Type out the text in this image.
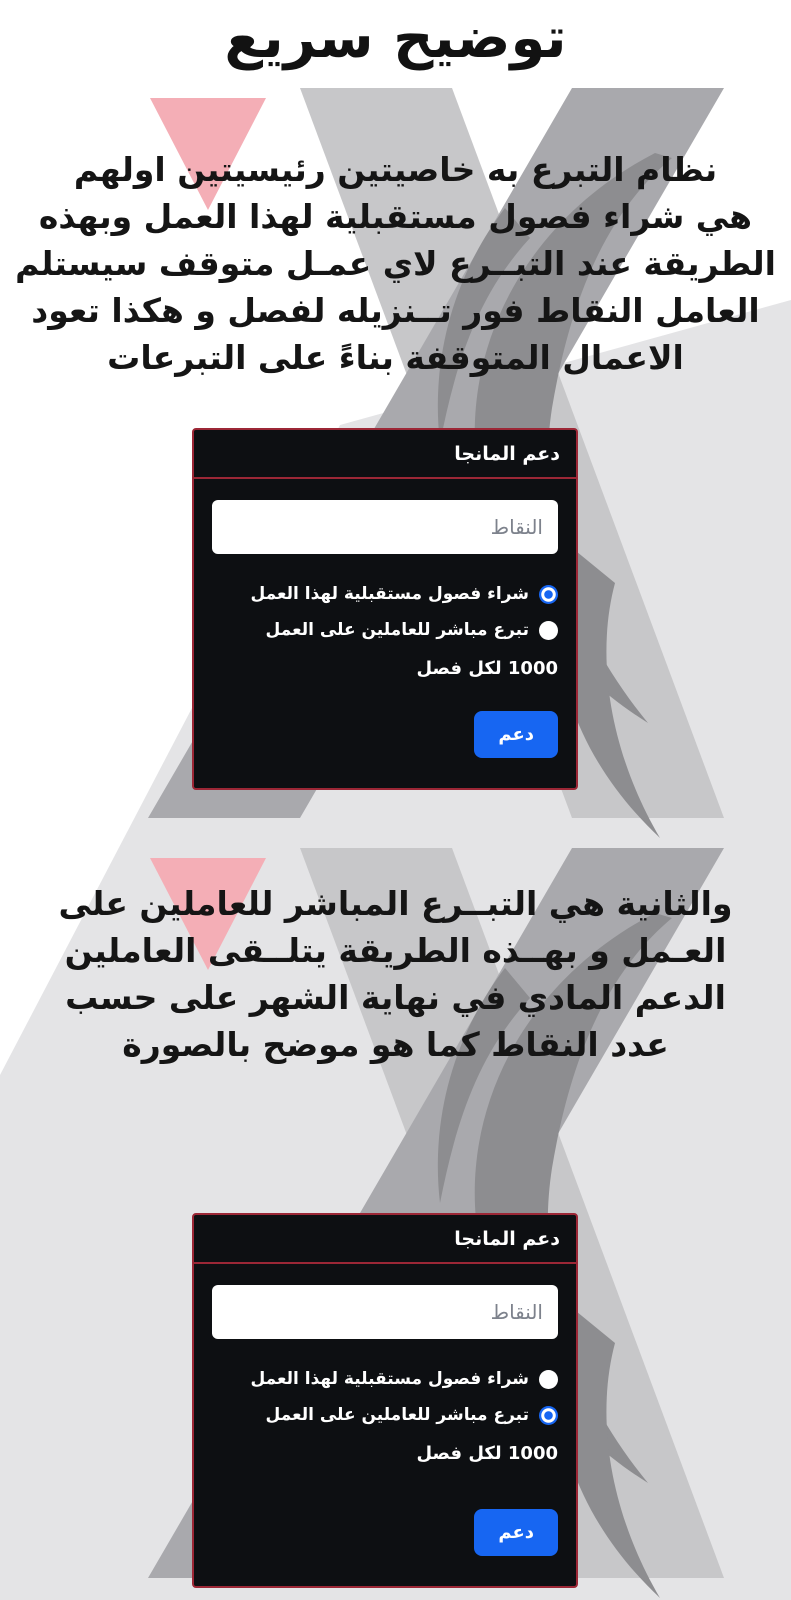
توضيح سريع
نظام التبرع به خاصيتين رئيسيتين اولهم
هي شراء فصول مستقبلية لهذا العمل وبهذه
الطريقة عند التبــرع لاي عمـل متوقف سيستلم
العامل النقاط فور تــنزيله لفصل و هكذا تعود
الاعمال المتوقفة بناءً على التبرعات
دعم المانجا
النقاط
شراء فصول مستقبلية لهذا العمل
تبرع مباشر للعاملين على العمل
1000 لكل فصل
دعم
والثانية هي التبــرع المباشر للعاملين على
العـمل و بهــذه الطريقة يتلــقى العاملين
الدعم المادي في نهاية الشهر على حسب
عدد النقاط كما هو موضح بالصورة
دعم المانجا
النقاط
شراء فصول مستقبلية لهذا العمل
تبرع مباشر للعاملين على العمل
1000 لكل فصل
دعم
